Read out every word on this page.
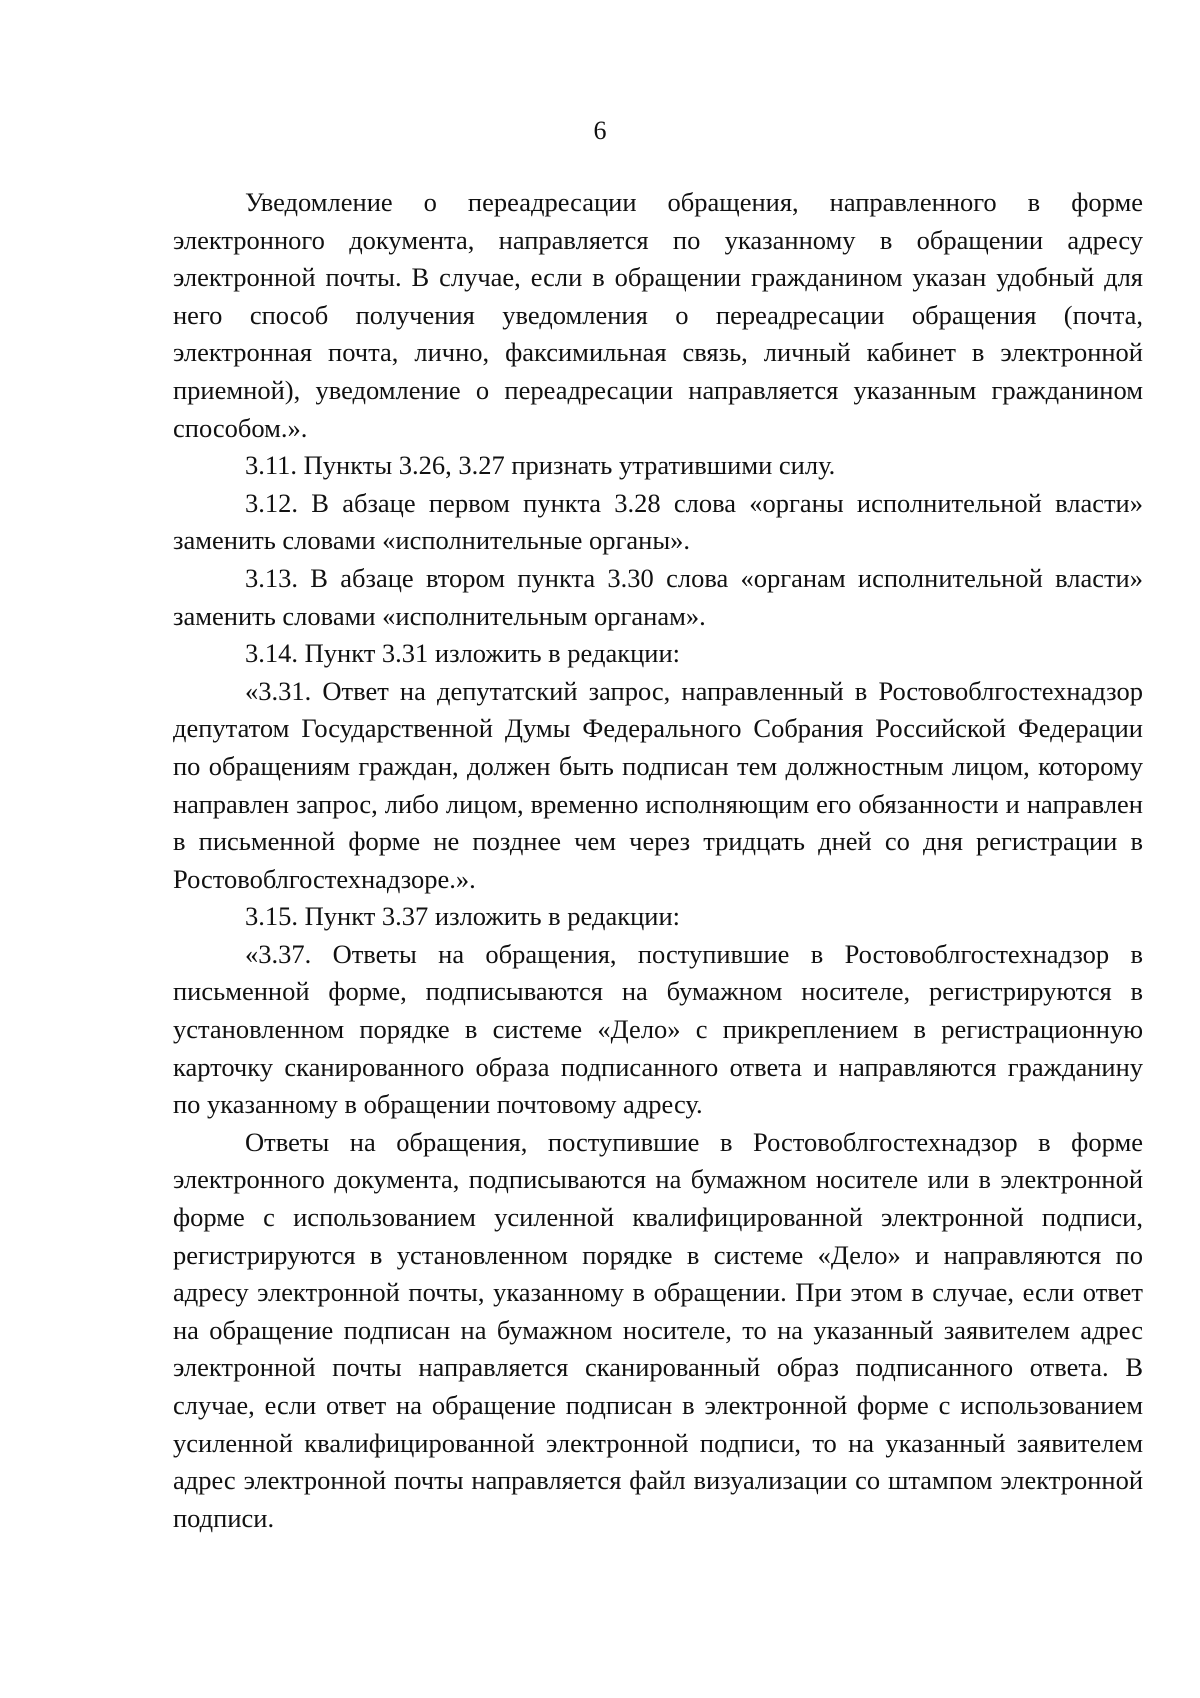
6

Уведомление о переадресации обращения, направленного в форме электронного документа, направляется по указанному в обращении адресу электронной почты. В случае, если в обращении гражданином указан удобный для него способ получения уведомления о переадресации обращения (почта, электронная почта, лично, факсимильная связь, личный кабинет в электронной приемной), уведомление о переадресации направляется указанным гражданином способом.».

3.11. Пункты 3.26, 3.27 признать утратившими силу.

3.12. В абзаце первом пункта 3.28 слова «органы исполнительной власти» заменить словами «исполнительные органы».

3.13. В абзаце втором пункта 3.30 слова «органам исполнительной власти» заменить словами «исполнительным органам».

3.14. Пункт 3.31 изложить в редакции:

«3.31. Ответ на депутатский запрос, направленный в Ростовоблгостехнадзор депутатом Государственной Думы Федерального Собрания Российской Федерации по обращениям граждан, должен быть подписан тем должностным лицом, которому направлен запрос, либо лицом, временно исполняющим его обязанности и направлен в письменной форме не позднее чем через тридцать дней со дня регистрации в Ростовоблгостехнадзоре.».

3.15. Пункт 3.37 изложить в редакции:

«3.37. Ответы на обращения, поступившие в Ростовоблгостехнадзор в письменной форме, подписываются на бумажном носителе, регистрируются в установленном порядке в системе «Дело» с прикреплением в регистрационную карточку сканированного образа подписанного ответа и направляются гражданину по указанному в обращении почтовому адресу.

Ответы на обращения, поступившие в Ростовоблгостехнадзор в форме электронного документа, подписываются на бумажном носителе или в электронной форме с использованием усиленной квалифицированной электронной подписи, регистрируются в установленном порядке в системе «Дело» и направляются по адресу электронной почты, указанному в обращении. При этом в случае, если ответ на обращение подписан на бумажном носителе, то на указанный заявителем адрес электронной почты направляется сканированный образ подписанного ответа. В случае, если ответ на обращение подписан в электронной форме с использованием усиленной квалифицированной электронной подписи, то на указанный заявителем адрес электронной почты направляется файл визуализации со штампом электронной подписи.
